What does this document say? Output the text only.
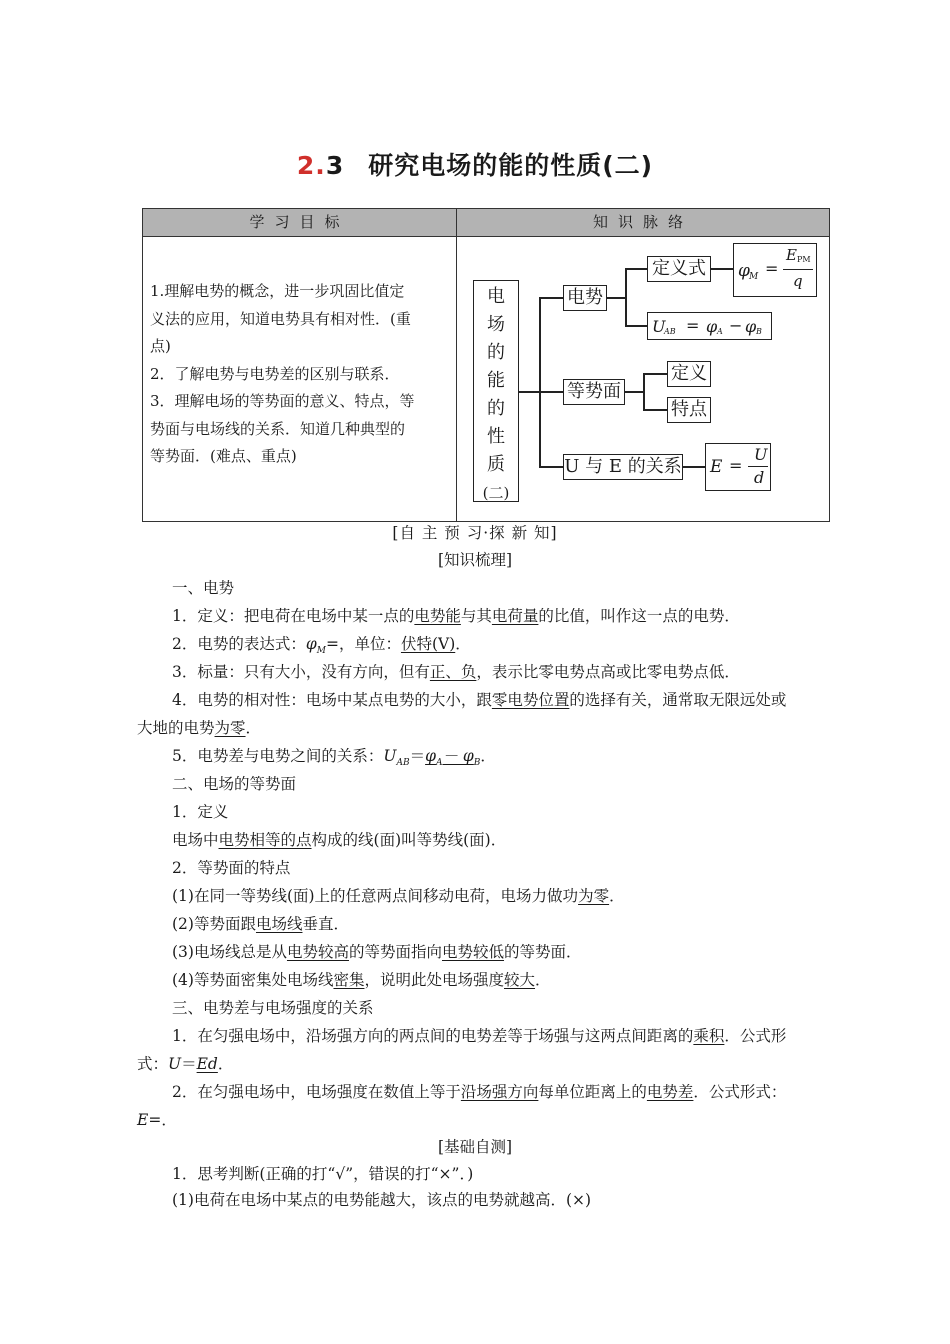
2.3 研究电场的能的性质(二)
学习目标	知识脉络

1.理解电势的概念，进一步巩固比值定

义法的应用，知道电势具有相对性．(重

点)

2．了解电势与电势差的区别与联系．

3．理解电场的等势面的意义、特点，等

势面与电场线的关系．知道几种典型的

等势面．(难点、重点)

电
场
的
能
的
性
质
(二)
电势
等势面
U 与 E 的关系
定义式 φ M =
E PM
q
U
AB = φ A − φ B
定义
特点
E =
U
d
[自 主 预 习·探 新 知]
[知识梳理]
一、电势
1．定义：把电荷在电场中某一点的电势能与其电荷量的比值，叫作这一点的电势．
2．电势的表达式：$\varphi_M=$，单位：伏特(V)．
3．标量：只有大小，没有方向，但有正、负，表示比零电势点高或比零电势点低．
4．电势的相对性：电场中某点电势的大小，跟零电势位置的选择有关，通常取无限远处或
大地的电势为零．
5．电势差与电势之间的关系：$U_{AB}=\varphi_A- \varphi_B$．
二、电场的等势面
1．定义
电场中电势相等的点构成的线(面)叫等势线(面)．
2．等势面的特点
(1)在同一等势线(面)上的任意两点间移动电荷，电场力做功为零．
(2)等势面跟电场线垂直．
(3)电场线总是从电势较高的等势面指向电势较低的等势面．
(4)等势面密集处电场线密集，说明此处电场强度较大．
三、电势差与电场强度的关系
1．在匀强电场中，沿场强方向的两点间的电势差等于场强与这两点间距离的乘积．公式形
式：U＝Ed．
2．在匀强电场中，电场强度在数值上等于沿场强方向每单位距离上的电势差．公式形式：
E=．
[基础自测]
1．思考判断(正确的打“√”，错误的打“×”．)
(1)电荷在电场中某点的电势能越大，该点的电势就越高．(×)
